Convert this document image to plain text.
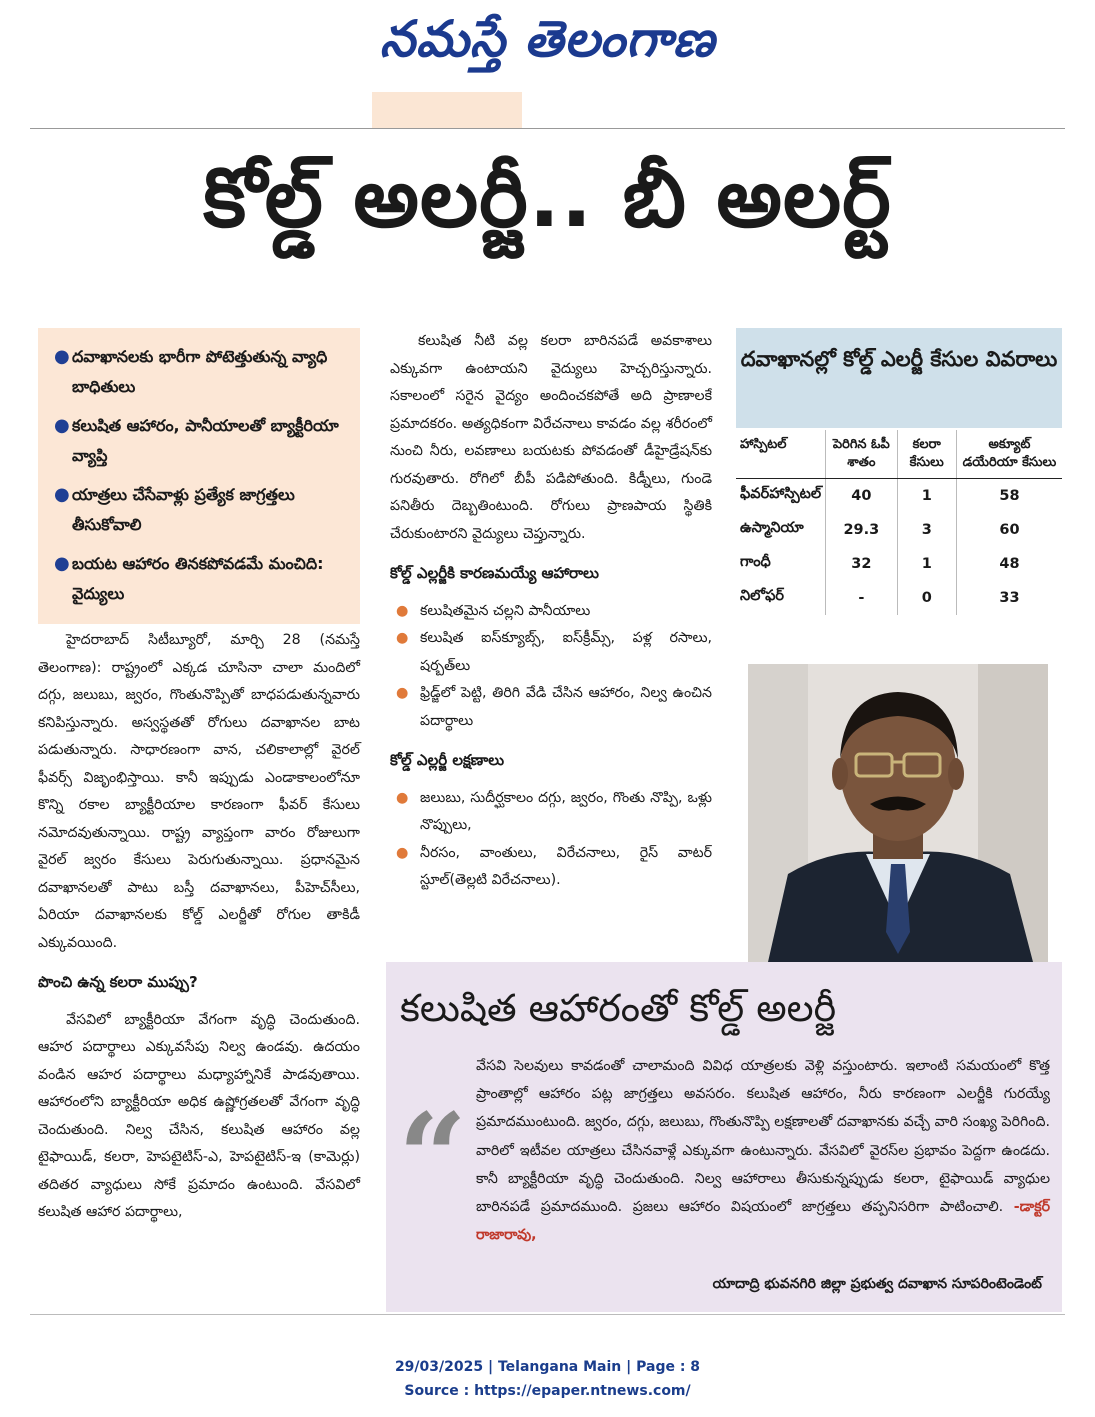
నమస్తే తెలంగాణ
కోల్డ్ అలర్జీ.. బీ అలర్ట్
● దవాఖానలకు భారీగా పోటెత్తుతున్న వ్యాధి బాధితులు
● కలుషిత ఆహారం, పానీయాలతో బ్యాక్టీరియా వ్యాప్తి
● యాత్రలు చేసేవాళ్లు ప్రత్యేక జాగ్రత్తలు తీసుకోవాలి
● బయట ఆహారం తినకపోవడమే మంచిది: వైద్యులు

హైదరాబాద్ సిటీబ్యూరో, మార్చి 28 (నమస్తే తెలంగాణ): రాష్ట్రంలో ఎక్కడ చూసినా చాలా మందిలో దగ్గు, జలుబు, జ్వరం, గొంతునొప్పితో బాధపడుతున్నవారు కనిపిస్తున్నారు. అస్వస్థతతో రోగులు దవాఖానల బాట పడుతున్నారు. సాధారణంగా వాన, చలికాలాల్లో వైరల్ ఫీవర్స్ విజృంభిస్తాయి. కానీ ఇప్పుడు ఎండాకాలంలోనూ కొన్ని రకాల బ్యాక్టీరియాల కారణంగా ఫీవర్ కేసులు నమోదవుతున్నాయి. రాష్ట్ర వ్యాప్తంగా వారం రోజులుగా వైరల్ జ్వరం కేసులు పెరుగుతున్నాయి. ప్రధానమైన దవాఖానలతో పాటు బస్తీ దవాఖానలు, పీహెచ్‌సీలు, ఏరియా దవాఖానలకు కోల్డ్ ఎలర్జీతో రోగుల తాకిడీ ఎక్కువయింది.

పొంచి ఉన్న కలరా ముప్పు?

వేసవిలో బ్యాక్టీరియా వేగంగా వృద్ధి చెందుతుంది. ఆహర పదార్థాలు ఎక్కువసేపు నిల్వ ఉండవు. ఉదయం వండిన ఆహర పదార్థాలు మధ్యాహ్నానికే పాడవుతాయి. ఆహారంలోని బ్యాక్టీరియా అధిక ఉష్ణోగ్రతలతో వేగంగా వృద్ధి చెందుతుంది. నిల్వ చేసిన, కలుషిత ఆహారం వల్ల టైఫాయిడ్, కలరా, హెపటైటిస్-ఎ, హెపటైటిస్-ఇ (కామెర్లు) తదితర వ్యాధులు సోకే ప్రమాదం ఉంటుంది. వేసవిలో కలుషిత ఆహార పదార్థాలు,

కలుషిత నీటి వల్ల కలరా బారినపడే అవకాశాలు ఎక్కువగా ఉంటాయని వైద్యులు హెచ్చరిస్తున్నారు. సకాలంలో సరైన వైద్యం అందించకపోతే అది ప్రాణాలకే ప్రమాదకరం. అత్యధికంగా విరేచనాలు కావడం వల్ల శరీరంలో నుంచి నీరు, లవణాలు బయటకు పోవడంతో డీహైడ్రేషన్‌కు గురవుతారు. రోగిలో బీపీ పడిపోతుంది. కిడ్నీలు, గుండె పనితీరు దెబ్బతింటుంది. రోగులు ప్రాణపాయ స్థితికి చేరుకుంటారని వైద్యులు చెప్తున్నారు.

కోల్డ్ ఎల్లర్జీకి కారణమయ్యే ఆహారాలు
● కలుషితమైన చల్లని పానీయాలు
● కలుషిత ఐస్‌క్యూబ్స్, ఐస్‌క్రీమ్స్, పళ్ల రసాలు, షర్బత్‌లు
● ఫ్రిడ్జ్‌లో పెట్టి, తిరిగి వేడి చేసిన ఆహారం, నిల్వ ఉంచిన పదార్థాలు
కోల్డ్ ఎల్లర్జీ లక్షణాలు
● జలుబు, సుదీర్ఘకాలం దగ్గు, జ్వరం, గొంతు నొప్పి, ఒళ్లు నొప్పులు,
● నీరసం, వాంతులు, విరేచనాలు, రైస్ వాటర్ స్టూల్(తెల్లటి విరేచనాలు).
దవాఖానల్లో కోల్డ్ ఎలర్జీ కేసుల వివరాలు
హాస్పిటల్	పెరిగిన ఓపీ శాతం	కలరా కేసులు	అక్యూట్ డయేరియా కేసులు
ఫీవర్‌హాస్పిటల్	40	1	58
ఉస్మానియా	29.3	3	60
గాంధీ	32	1	48
నిలోఫర్	-	0	33
కలుషిత ఆహారంతో కోల్డ్ అలర్జీ
“
వేసవి సెలవులు కావడంతో చాలామంది వివిధ యాత్రలకు వెళ్లి వస్తుంటారు. ఇలాంటి సమయంలో కొత్త ప్రాంతాల్లో ఆహారం పట్ల జాగ్రత్తలు అవసరం. కలుషిత ఆహారం, నీరు కారణంగా ఎలర్జీకి గురయ్యే ప్రమాదముంటుంది. జ్వరం, దగ్గు, జలుబు, గొంతునొప్పి లక్షణాలతో దవాఖానకు వచ్చే వారి సంఖ్య పెరిగింది. వారిలో ఇటీవల యాత్రలు చేసినవాళ్లే ఎక్కువగా ఉంటున్నారు. వేసవిలో వైరస్‌ల ప్రభావం పెద్దగా ఉండదు. కానీ బ్యాక్టీరియా వృద్ధి చెందుతుంది. నిల్వ ఆహారాలు తీసుకున్నప్పుడు కలరా, టైఫాయిడ్ వ్యాధుల బారినపడే ప్రమాదముంది. ప్రజలు ఆహారం విషయంలో జాగ్రత్తలు తప్పనిసరిగా పాటించాలి. -డాక్టర్ రాజారావు,
యాదాద్రి భువనగిరి జిల్లా ప్రభుత్వ దవాఖాన సూపరింటెండెంట్
29/03/2025 | Telangana Main | Page : 8
Source : https://epaper.ntnews.com/
